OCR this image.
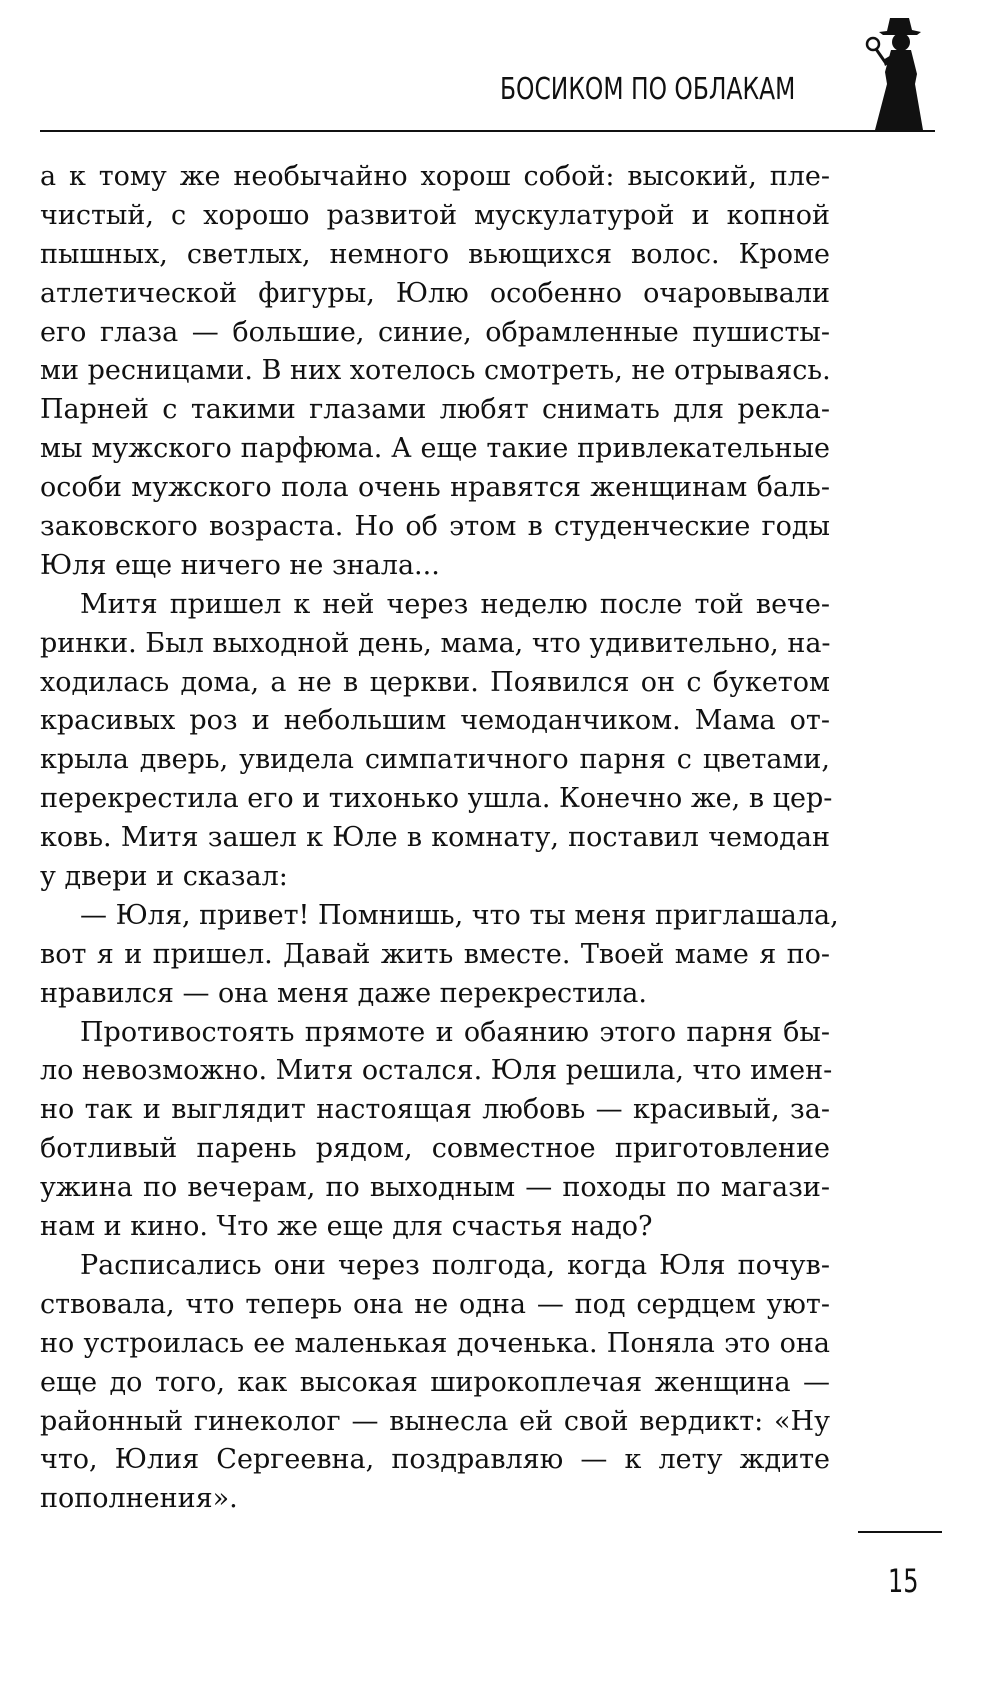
БОСИКОМ ПО ОБЛАКАМ
а к тому же необычайно хорош собой: высокий, пле-
чистый, с хорошо развитой мускулатурой и копной
пышных, светлых, немного вьющихся волос. Кроме
атлетической фигуры, Юлю особенно очаровывали
его глаза — большие, синие, обрамленные пушисты-
ми ресницами. В них хотелось смотреть, не отрываясь.
Парней с такими глазами любят снимать для рекла-
мы мужского парфюма. А еще такие привлекательные
особи мужского пола очень нравятся женщинам баль-
заковского возраста. Но об этом в студенческие годы
Юля еще ничего не знала...
Митя пришел к ней через неделю после той вече-
ринки. Был выходной день, мама, что удивительно, на-
ходилась дома, а не в церкви. Появился он с букетом
красивых роз и небольшим чемоданчиком. Мама от-
крыла дверь, увидела симпатичного парня с цветами,
перекрестила его и тихонько ушла. Конечно же, в цер-
ковь. Митя зашел к Юле в комнату, поставил чемодан
у двери и сказал:
— Юля, привет! Помнишь, что ты меня приглашала,
вот я и пришел. Давай жить вместе. Твоей маме я по-
нравился — она меня даже перекрестила.
Противостоять прямоте и обаянию этого парня бы-
ло невозможно. Митя остался. Юля решила, что имен-
но так и выглядит настоящая любовь — красивый, за-
ботливый парень рядом, совместное приготовление
ужина по вечерам, по выходным — походы по магази-
нам и кино. Что же еще для счастья надо?
Расписались они через полгода, когда Юля почув-
ствовала, что теперь она не одна — под сердцем уют-
но устроилась ее маленькая доченька. Поняла это она
еще до того, как высокая широкоплечая женщина —
районный гинеколог — вынесла ей свой вердикт: «Ну
что, Юлия Сергеевна, поздравляю — к лету ждите
пополнения».
15
